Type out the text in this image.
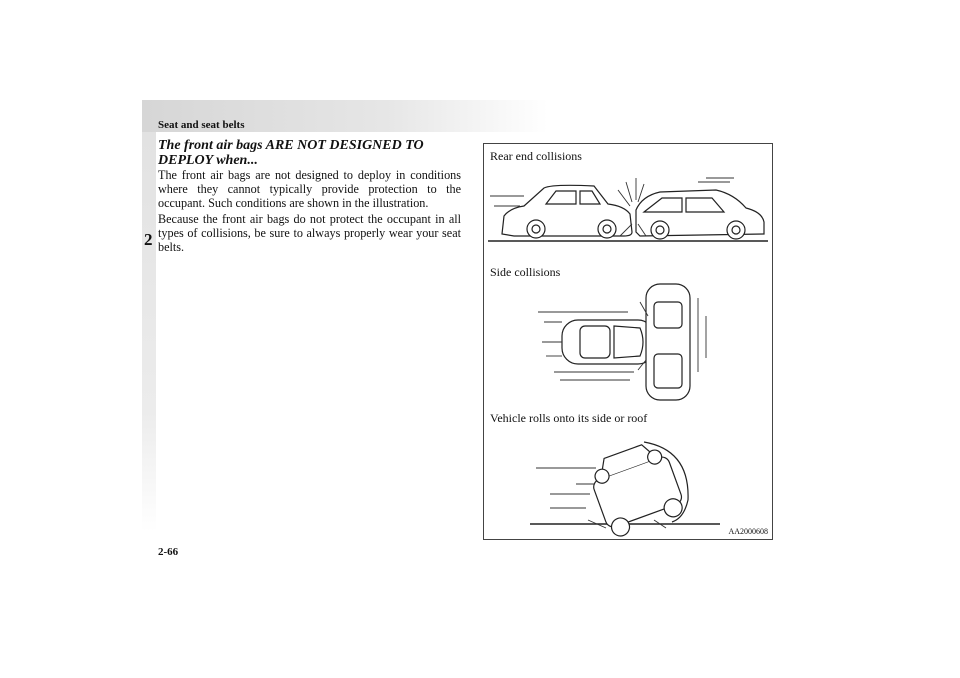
Seat and seat belts
2
The front air bags ARE NOT DESIGNED TO DEPLOY when...

The front air bags are not designed to deploy in conditions where they cannot typically provide protection to the occupant. Such conditions are shown in the illustration.

Because the front air bags do not protect the occupant in all types of collisions, be sure to always properly wear your seat belts.

Rear end collisions
Side collisions
Vehicle rolls onto its side or roof
AA2000608
2-66
